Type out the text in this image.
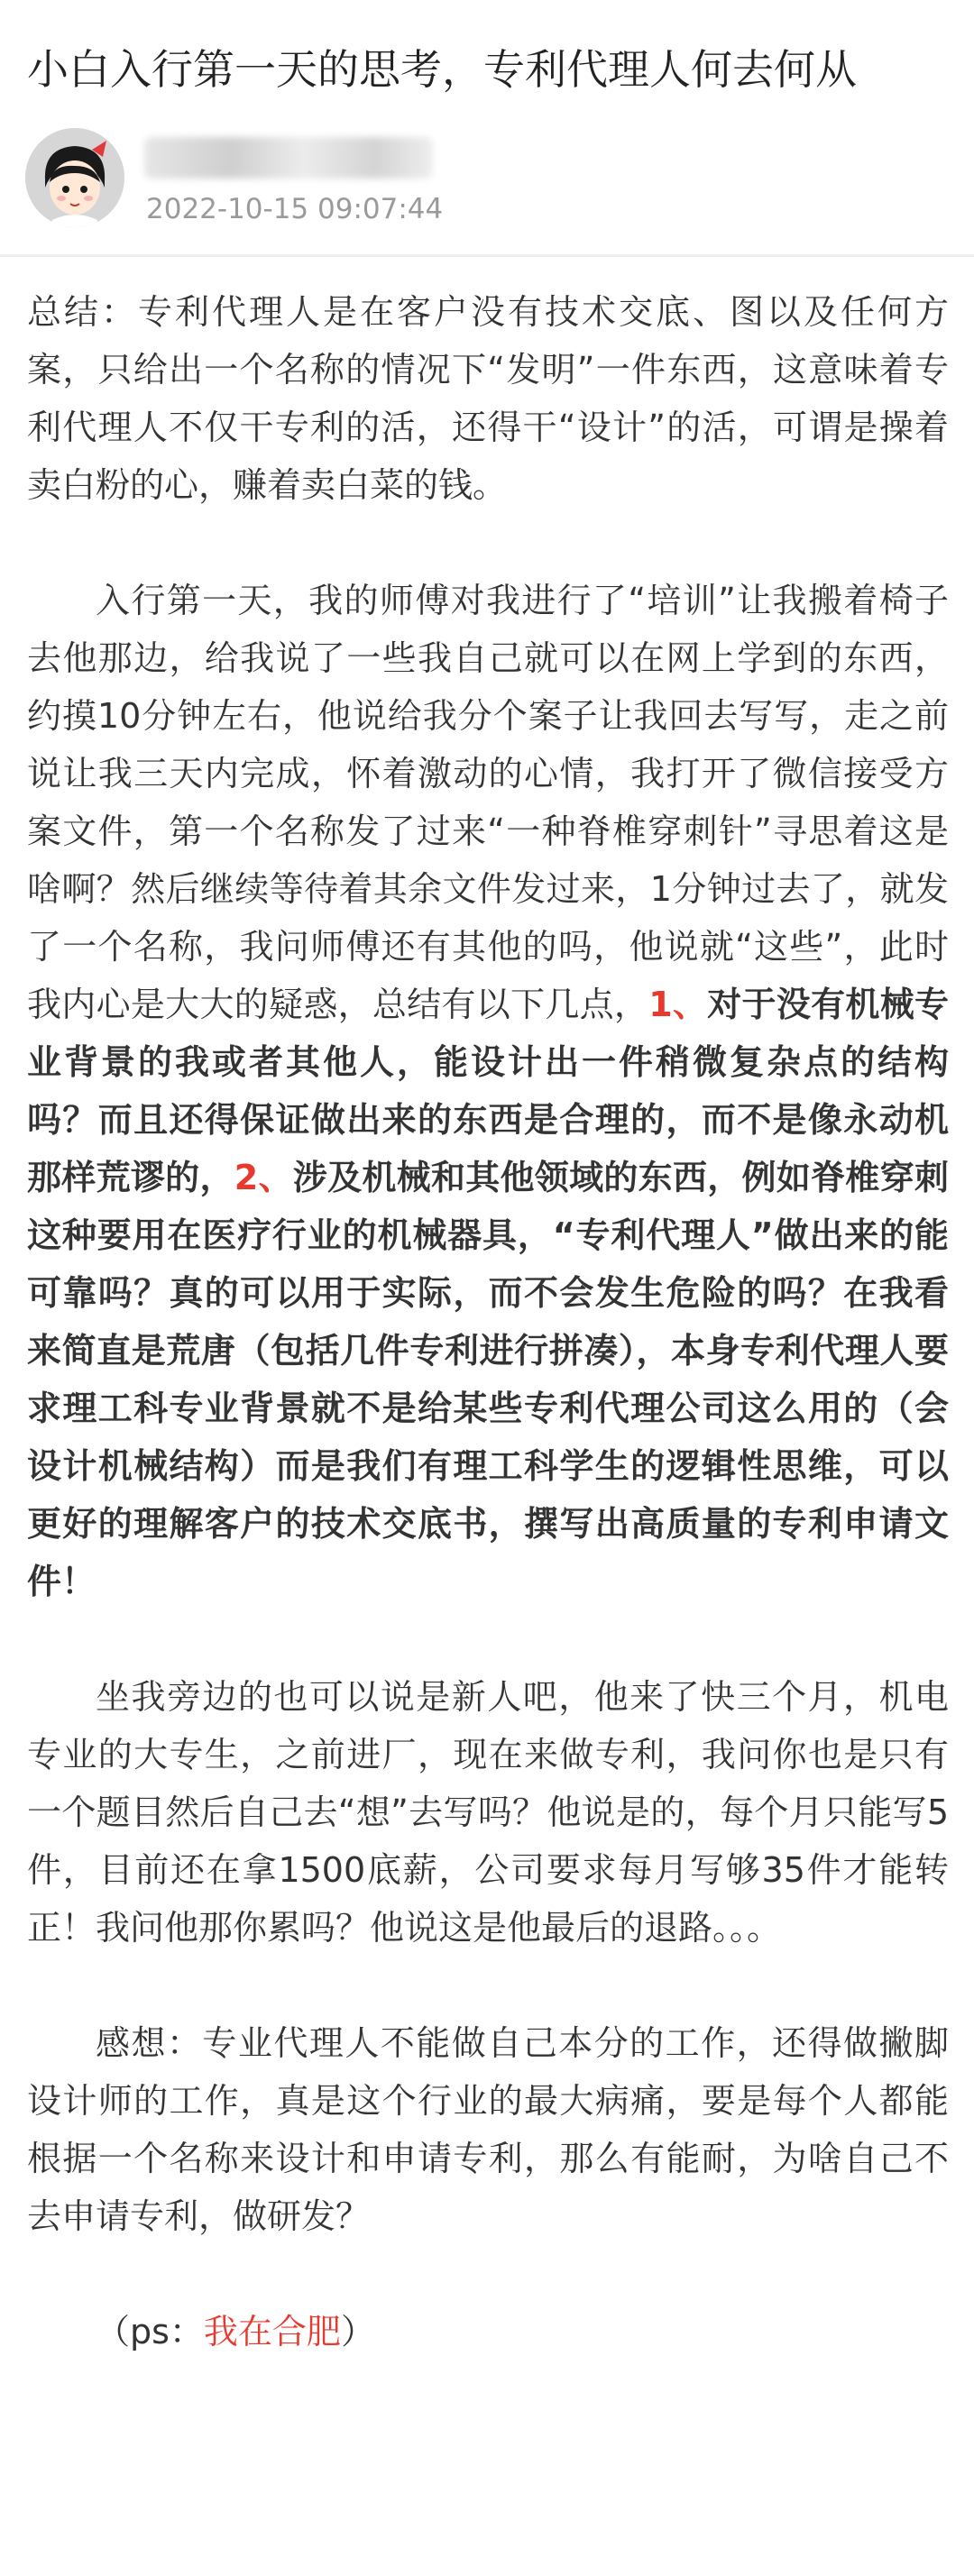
小白入行第一天的思考，专利代理人何去何从
2022-10-15 09:07:44

总结：专利代理人是在客户没有技术交底、图以及任何方案，只给出一个名称的情况下“发明”一件东西，这意味着专利代理人不仅干专利的活，还得干“设计”的活，可谓是操着卖白粉的心，赚着卖白菜的钱。

入行第一天，我的师傅对我进行了“培训”让我搬着椅子去他那边，给我说了一些我自己就可以在网上学到的东西，约摸10分钟左右，他说给我分个案子让我回去写写，走之前说让我三天内完成，怀着激动的心情，我打开了微信接受方案文件，第一个名称发了过来“一种脊椎穿刺针”寻思着这是啥啊？然后继续等待着其余文件发过来，1分钟过去了，就发了一个名称，我问师傅还有其他的吗，他说就“这些”，此时我内心是大大的疑惑，总结有以下几点，1、对于没有机械专业背景的我或者其他人，能设计出一件稍微复杂点的结构吗？而且还得保证做出来的东西是合理的，而不是像永动机那样荒谬的，2、涉及机械和其他领域的东西，例如脊椎穿刺这种要用在医疗行业的机械器具，“专利代理人”做出来的能可靠吗？真的可以用于实际，而不会发生危险的吗？在我看来简直是荒唐（包括几件专利进行拼凑），本身专利代理人要求理工科专业背景就不是给某些专利代理公司这么用的（会设计机械结构）而是我们有理工科学生的逻辑性思维，可以更好的理解客户的技术交底书，撰写出高质量的专利申请文件！

坐我旁边的也可以说是新人吧，他来了快三个月，机电专业的大专生，之前进厂，现在来做专利，我问你也是只有一个题目然后自己去“想”去写吗？他说是的，每个月只能写5件，目前还在拿1500底薪，公司要求每月写够35件才能转正！我问他那你累吗？他说这是他最后的退路。。。

感想：专业代理人不能做自己本分的工作，还得做撇脚设计师的工作，真是这个行业的最大病痛，要是每个人都能根据一个名称来设计和申请专利，那么有能耐，为啥自己不去申请专利，做研发？

（ps：我在合肥）
